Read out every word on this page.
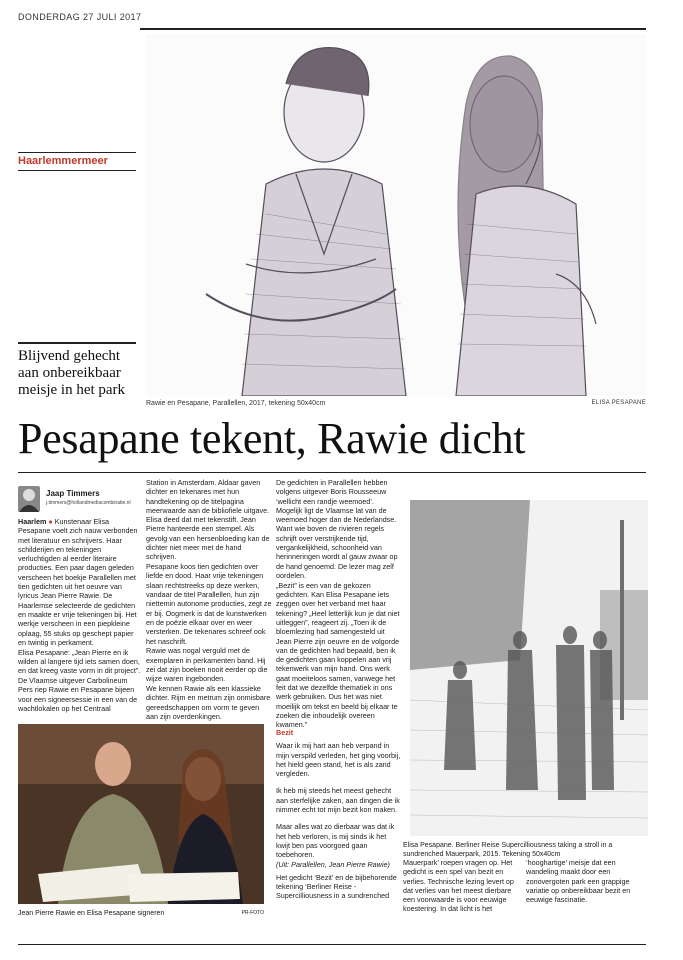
DONDERDAG 27 JULI 2017
Haarlemmermeer
Blijvend gehecht aan onbereikbaar meisje in het park
Rawie en Pesapane, Parallellen, 2017, tekening 50x40cm	ELISA PESAPANE
Pesapane tekent, Rawie dicht
Jaap Timmers
j.timmers@hollandmediacombinatie.nl

Haarlem ● Kunstenaar Elisa Pesapane voelt zich nauw verbonden met literatuur en schrijvers. Haar schilderijen en tekeningen verluchtigden al eerder literaire producties. Een paar dagen geleden verscheen het boekje Parallellen met tien gedichten uit het oeuvre van lyricus Jean Pierre Rawie. De Haarlemse selecteerde de gedichten en maakte er vrije tekeningen bij. Het werkje verscheen in een piepkleine oplaag, 55 stuks op geschept papier en twintig in perkament.

Elisa Pesapane: „Jean Pierre en ik wilden al langere tijd iets samen doen, en dat kreeg vaste vorm in dit project”.

De Vlaamse uitgever Carbolineum Pers riep Rawie en Pesapane bijeen voor een signeersessie in een van de wachtlokalen op het Centraal

Station in Amsterdam. Aldaar gaven dichter en tekenares met hun handtekening op de titelpagina meerwaarde aan de bibliofiele uitgave. Elisa deed dat met tekenstift. Jean Pierre hanteerde een stempel. Als gevolg van een hersenbloeding kan de dichter niet meer met de hand schrijven.

Pesapane koos tien gedichten over liefde en dood. Haar vrije tekeningen slaan rechtstreeks op deze werken, vandaar de titel Parallellen, hun zijn niettemin autonome producties, zegt ze er bij. Oogmerk is dat de kunstwerken en de poëzie elkaar over en weer versterken. De tekenares schreef ook het naschrift.

Rawie was nogal verguld met de exemplaren in perkamenten band. Hij zei dat zijn boeken nooit eerder op die wijze waren ingebonden.

We kennen Rawie als een klassieke dichter. Rijm en metrum zijn onmisbare gereedschappen om vorm te geven aan zijn overdenkingen.

De gedichten in Parallellen hebben volgens uitgever Boris Rousseeuw ‘wellicht een randje weemoed’. Mogelijk ligt de Vlaamse lat van de weemoed hoger dan de Nederlandse. Want wie boven de rivieren regels schrijft over verstrijkende tijd, vergankelijkheid, schoonheid van herinneringen wordt al gauw zwaar op de hand genoemd. De lezer mag zelf oordelen.

„Bezit” is een van de gekozen gedichten. Kan Elisa Pesapane iets zeggen over het verband met haar tekening? „Heel letterlijk kun je dat niet uitleggen”, reageert zij. „Toen ik de bloemlezing had samengesteld uit Jean Pierre zijn oeuvre en de volgorde van de gedichten had bepaald, ben ik de gedichten gaan koppelen aan vrij tekenwerk van mijn hand. Ons werk gaat moeiteloos samen, vanwege het feit dat we dezelfde thematiek in ons werk gebruiken. Dus het was niet moeilijk om tekst en beeld bij elkaar te zoeken die inhoudelijk overeen kwamen.”

Bezit

Waar ik mij hart aan heb verpand in mijn verspild verleden, het ging voorbij, het hield geen stand, het is als zand vergleden.

Ik heb mij steeds het meest gehecht aan sterfelijke zaken, aan dingen die ik nimmer echt tot mijn bezit kon maken.

Maar alles wat zo dierbaar was dat ik het heb verloren, is mij sinds ik het kwijt ben pas voorgoed gaan toebehoren.

(Uit: Parallellen, Jean Pierre Rawie)

Het gedicht ‘Bezit’ en de bijbehorende tekening ‘Berliner Reise - Supercilliousness in a sundrenched

Jean Pierre Rawie en Elisa Pesapane signeren	PR-FOTO
Elisa Pesapane. Berliner Reise Supercilliousness taking a stroll in a sundrenched Mauerpark, 2015. Tekening 50x40cm
Mauerpark’ roepen vragen op. Het gedicht is een spel van bezit en verlies. Technische lezing levert op dat verlies van het meest dierbare een voorwaarde is voor eeuwige koestering. In dat licht is het
‘hooghartige’ meisje dat een wandeling maakt door een zonovergoten park een grappige variatie op onbereikbaar bezit en eeuwige fascinatie.
